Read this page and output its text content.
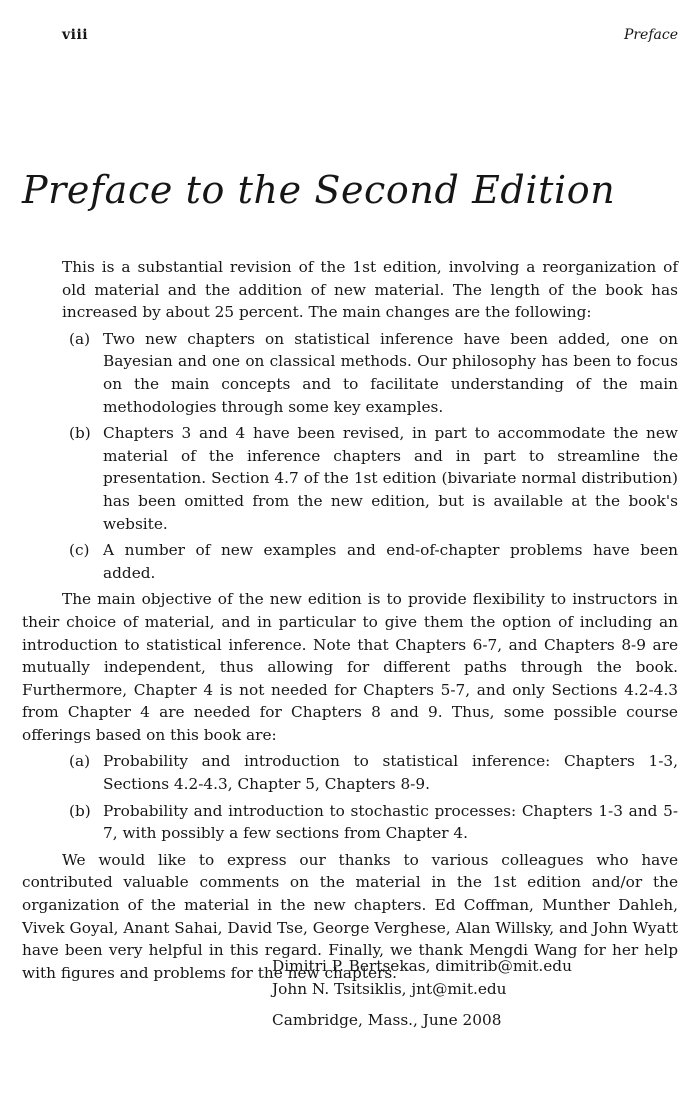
viii	Preface
Preface to the Second Edition

This is a substantial revision of the 1st edition, involving a reorganization of old material and the addition of new material. The length of the book has increased by about 25 percent. The main changes are the following:

(a) Two new chapters on statistical inference have been added, one on Bayesian and one on classical methods. Our philosophy has been to focus on the main concepts and to facilitate understanding of the main methodologies through some key examples.
(b) Chapters 3 and 4 have been revised, in part to accommodate the new material of the inference chapters and in part to streamline the presentation. Section 4.7 of the 1st edition (bivariate normal distribution) has been omitted from the new edition, but is available at the book's website.
(c) A number of new examples and end-of-chapter problems have been added.

The main objective of the new edition is to provide flexibility to instructors in their choice of material, and in particular to give them the option of including an introduction to statistical inference. Note that Chapters 6-7, and Chapters 8-9 are mutually independent, thus allowing for different paths through the book. Furthermore, Chapter 4 is not needed for Chapters 5-7, and only Sections 4.2-4.3 from Chapter 4 are needed for Chapters 8 and 9. Thus, some possible course offerings based on this book are:

(a) Probability and introduction to statistical inference: Chapters 1-3, Sections 4.2-4.3, Chapter 5, Chapters 8-9.
(b) Probability and introduction to stochastic processes: Chapters 1-3 and 5-7, with possibly a few sections from Chapter 4.

We would like to express our thanks to various colleagues who have contributed valuable comments on the material in the 1st edition and/or the organization of the material in the new chapters. Ed Coffman, Munther Dahleh, Vivek Goyal, Anant Sahai, David Tse, George Verghese, Alan Willsky, and John Wyatt have been very helpful in this regard. Finally, we thank Mengdi Wang for her help with figures and problems for the new chapters.

Dimitri P. Bertsekas, dimitrib@mit.edu
John N. Tsitsiklis, jnt@mit.edu
Cambridge, Mass., June 2008
